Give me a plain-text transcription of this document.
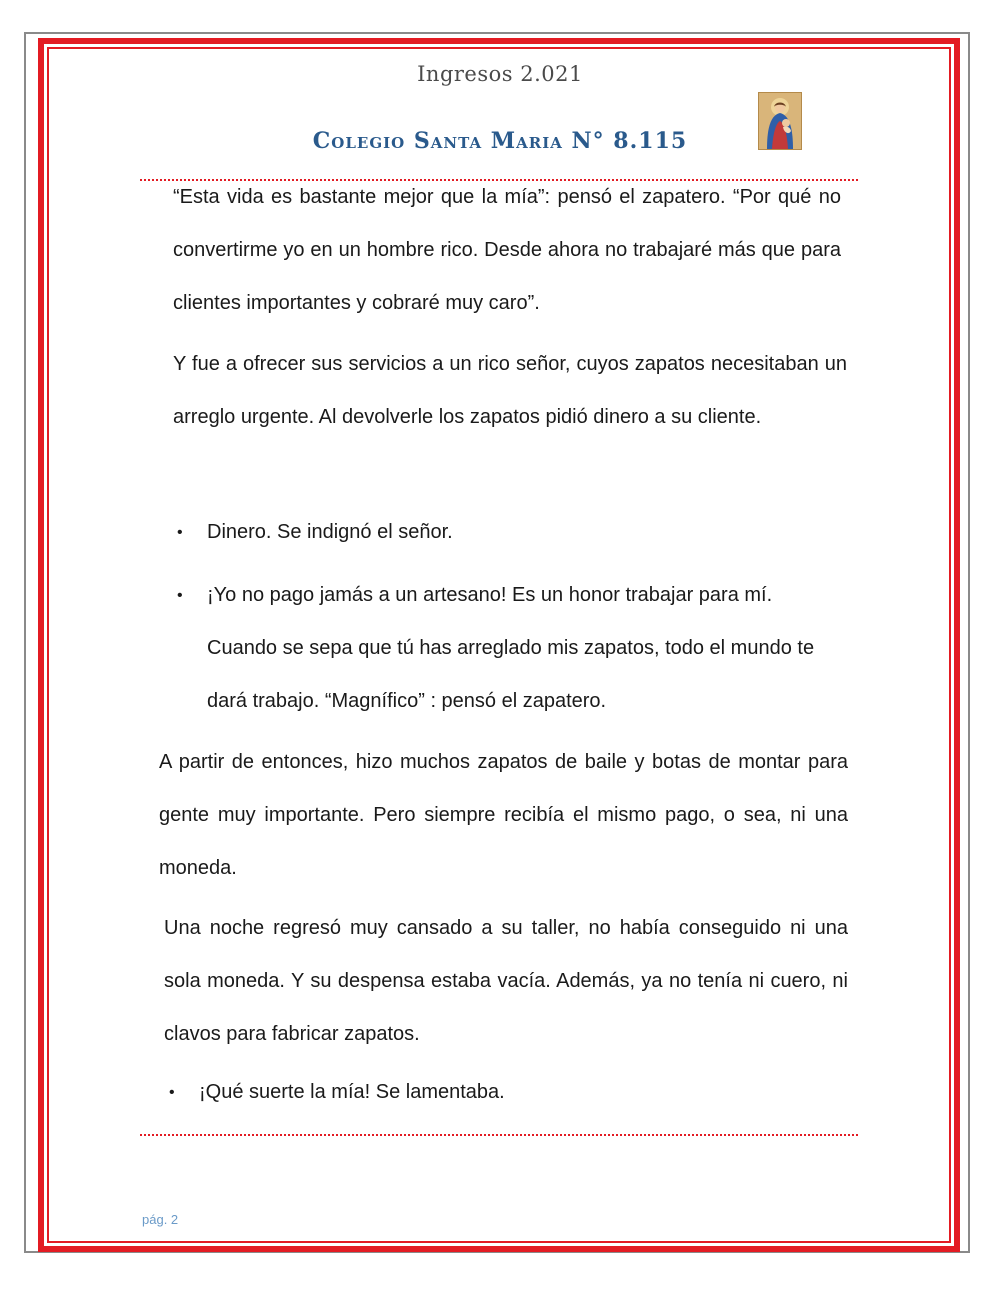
Ingresos 2.021
Colegio Santa Maria N° 8.115

“Esta vida es bastante mejor que la mía”: pensó el zapatero. “Por qué no convertirme yo en un hombre rico. Desde ahora no trabajaré más que para clientes importantes y cobraré muy caro”.

Y fue a ofrecer sus servicios a un rico señor, cuyos zapatos necesitaban un arreglo urgente. Al devolverle los zapatos pidió dinero a su cliente.

• Dinero. Se indignó el señor.

• ¡Yo no pago jamás a un artesano! Es un honor trabajar para mí. Cuando se sepa que tú has arreglado mis zapatos, todo el mundo te dará trabajo. “Magnífico” : pensó el zapatero.

A partir de entonces, hizo muchos zapatos de baile y botas de montar para gente muy importante. Pero siempre recibía el mismo pago, o sea, ni una moneda.

Una noche regresó muy cansado a su taller, no había conseguido ni una sola moneda. Y su despensa estaba vacía. Además, ya no tenía ni cuero, ni clavos para fabricar zapatos.

• ¡Qué suerte la mía! Se lamentaba.

pág. 2
